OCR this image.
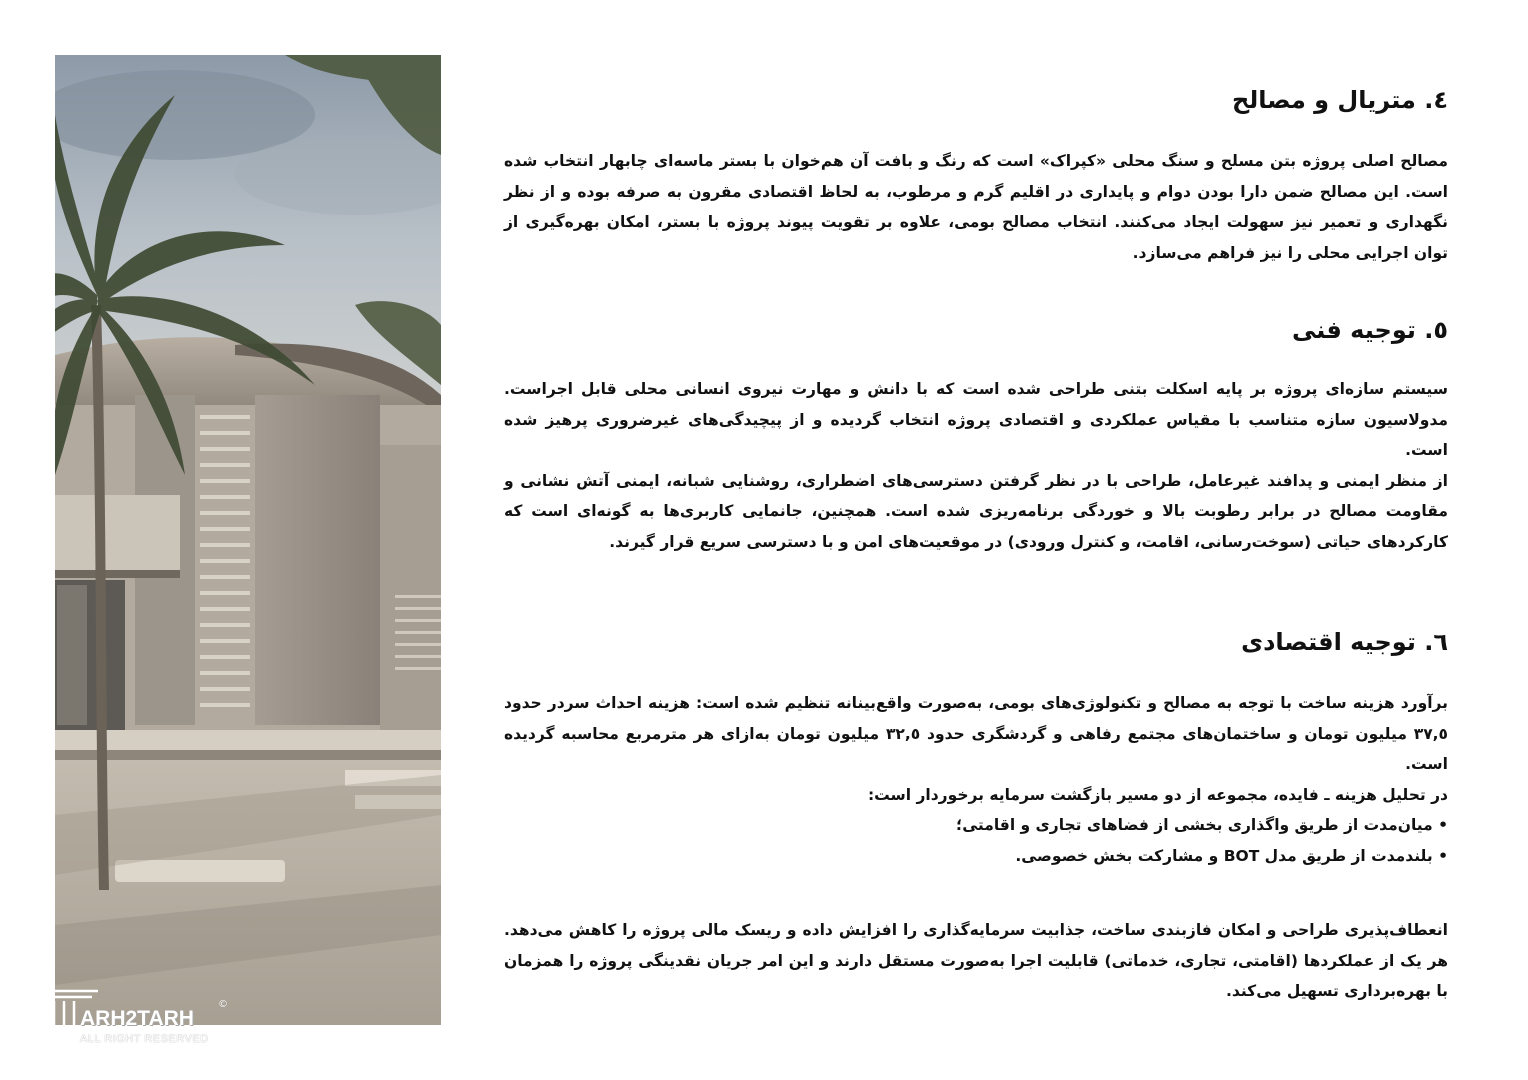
ARH2TARH
©
ALL RIGHT RESERVED
٤. متریال و مصالح

مصالح اصلی پروژه بتن مسلح و سنگ محلی «کپراک» است که رنگ و بافت آن هم‌خوان با بستر ماسه‌ای چابهار انتخاب شده است. این مصالح ضمن دارا بودن دوام و پایداری در اقلیم گرم و مرطوب، به لحاظ اقتصادی مقرون به صرفه بوده و از نظر نگهداری و تعمیر نیز سهولت ایجاد می‌کنند. انتخاب مصالح بومی، علاوه بر تقویت پیوند پروژه با بستر، امکان بهره‌گیری از توان اجرایی محلی را نیز فراهم می‌سازد.

٥. توجیه فنی

سیستم سازه‌ای پروژه بر پایه اسکلت بتنی طراحی شده است که با دانش و مهارت نیروی انسانی محلی قابل اجراست. مدولاسیون سازه متناسب با مقیاس عملکردی و اقتصادی پروژه انتخاب گردیده و از پیچیدگی‌های غیرضروری پرهیز شده است.

از منظر ایمنی و پدافند غیرعامل، طراحی با در نظر گرفتن دسترسی‌های اضطراری، روشنایی شبانه، ایمنی آتش نشانی و مقاومت مصالح در برابر رطوبت بالا و خوردگی برنامه‌ریزی شده است. همچنین، جانمایی کاربری‌ها به گونه‌ای است که کارکردهای حیاتی (سوخت‌رسانی، اقامت، و کنترل ورودی) در موقعیت‌های امن و با دسترسی سریع قرار گیرند.

٦. توجیه اقتصادی

برآورد هزینه ساخت با توجه به مصالح و تکنولوژی‌های بومی، به‌صورت واقع‌بینانه تنظیم شده است: هزینه احداث سردر حدود ٣٧,٥ میلیون تومان و ساختمان‌های مجتمع رفاهی و گردشگری حدود ٣٢,٥ میلیون تومان به‌ازای هر مترمربع محاسبه گردیده است.

در تحلیل هزینه ـ فایده، مجموعه از دو مسیر بازگشت سرمایه برخوردار است:

• میان‌مدت از طریق واگذاری بخشی از فضاهای تجاری و اقامتی؛

• بلندمدت از طریق مدل BOT و مشارکت بخش خصوصی.

انعطاف‌پذیری طراحی و امکان فازبندی ساخت، جذابیت سرمایه‌گذاری را افزایش داده و ریسک مالی پروژه را کاهش می‌دهد. هر یک از عملکردها (اقامتی، تجاری، خدماتی) قابلیت اجرا به‌صورت مستقل دارند و این امر جریان نقدینگی پروژه را همزمان با بهره‌برداری تسهیل می‌کند.
